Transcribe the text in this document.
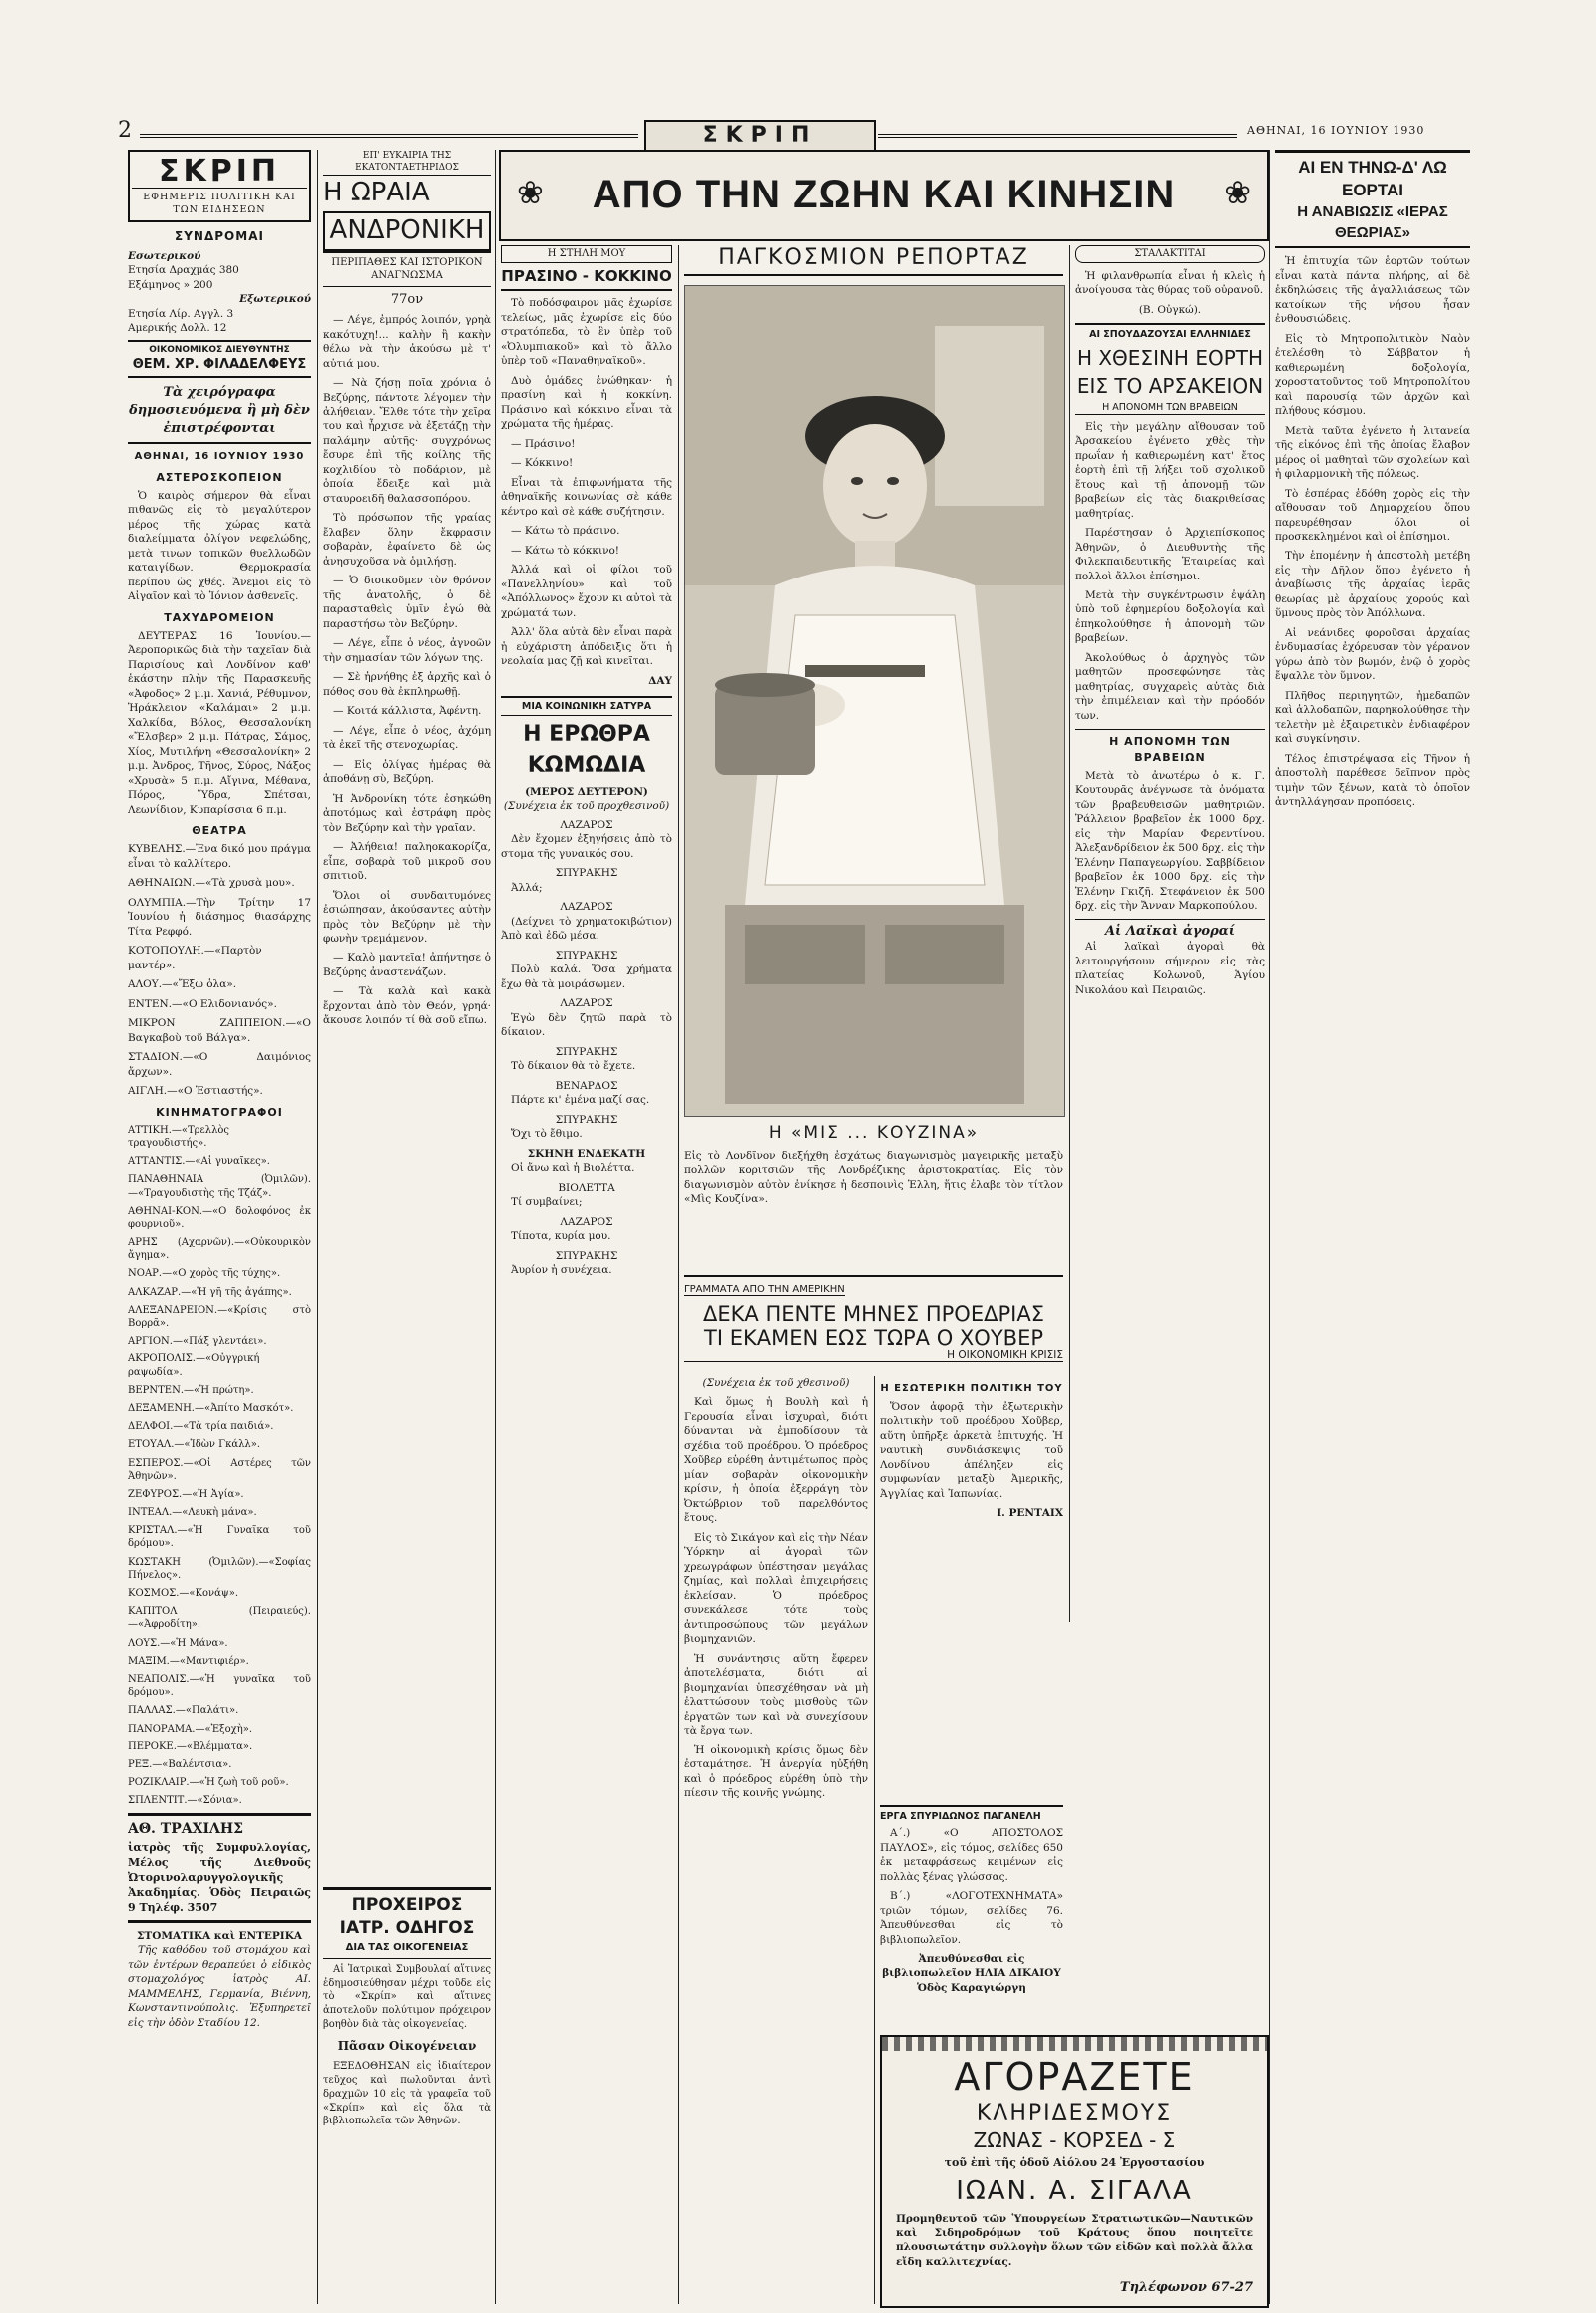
2	ΣΚΡΙΠ	ΑΘΗΝΑΙ, 16 ΙΟΥΝΙΟΥ 1930
ΣΚΡΙΠ
ΕΦΗΜΕΡΙΣ ΠΟΛΙΤΙΚΗ ΚΑΙ ΤΩΝ ΕΙΔΗΣΕΩΝ
ΣΥΝΔΡΟΜΑΙ
Εσωτερικού
Ετησία Δραχμάς 380
Εξάμηνος » 200
Εξωτερικού
Ετησία Λίρ. Αγγλ. 3
Αμερικής Δολλ. 12
ΟΙΚΟΝΟΜΙΚΟΣ ΔΙΕΥΘΥΝΤΗΣ
ΘΕΜ. ΧΡ. ΦΙΛΑΔΕΛΦΕΥΣ
Τὰ χειρόγραφα δημοσιευόμενα ἢ μὴ δὲν ἐπιστρέφονται
ΑΘΗΝΑΙ, 16 ΙΟΥΝΙΟΥ 1930
ΑΣΤΕΡΟΣΚΟΠΕΙΟΝ

Ὁ καιρὸς σήμερον θὰ εἶναι πιθανῶς εἰς τὸ μεγαλύτερον μέρος τῆς χώρας κατὰ διαλείμματα ὀλίγον νεφελώδης, μετὰ τινων τοπικῶν θυελλωδῶν καταιγίδων. Θερμοκρασία περίπου ὡς χθές. Ἄνεμοι εἰς τὸ Αἰγαῖον καὶ τὸ Ἰόνιον ἀσθενεῖς.

ΤΑΧΥΔΡΟΜΕΙΟΝ

ΔΕΥΤΕΡΑΣ 16 Ἰουνίου.—Ἀεροπορικῶς διὰ τὴν ταχεῖαν διὰ Παρισίους καὶ Λονδίνον καθ' ἑκάστην πλὴν τῆς Παρασκευῆς «Ἀφοδος» 2 μ.μ. Χανιά, Ρέθυμνον, Ἡράκλειον «Καλάμαι» 2 μ.μ. Χαλκίδα, Βόλος, Θεσσαλονίκη «Ἔλσβερ» 2 μ.μ. Πάτρας, Σάμος, Χίος, Μυτιλήνη «Θεσσαλονίκη» 2 μ.μ. Ἀνδρος, Τῆνος, Σύρος, Νάξος «Χρυσὰ» 5 π.μ. Αἴγινα, Μέθανα, Πόρος, Ὕδρα, Σπέτσαι, Λεωνίδιον, Κυπαρίσσια 6 π.μ.

ΘΕΑΤΡΑ

ΚΥΒΕΛΗΣ.—Ἐνα δικό μου πράγμα εἶναι τὸ καλλίτερο.

ΑΘΗΝΑΙΩΝ.—«Τὰ χρυσὰ μου».

ΟΛΥΜΠΙΑ.—Τὴν Τρίτην 17 Ἰουνίου ἡ διάσημος θιασάρχης Τίτα Ρεφφό.

ΚΟΤΟΠΟΥΛΗ.—«Παρτὸν μαντέρ».

ΑΛΟΥ.—«Ἔξω ὁλα».

ΕΝΤΕΝ.—«Ο Ελιδονιανός».

ΜΙΚΡΟΝ ΖΑΠΠΕΙΟΝ.—«Ο Βαγκαβοὺ τοῦ Βάλγα».

ΣΤΑΔΙΟΝ.—«Ο Δαιμόνιος ἄρχων».

ΑΙΓΛΗ.—«Ο Ἑστιαστής».

ΚΙΝΗΜΑΤΟΓΡΑΦΟΙ

ΑΤΤΙΚΗ.—«Τρελλὸς τραγουδιστής».

ΑΤΤΑΝΤΙΣ.—«Αἱ γυναῖκες».

ΠΑΝΑΘΗΝΑΙΑ (Ὀμιλῶν).—«Τραγουδιστὴς τῆς Τζάζ».

ΑΘΗΝΑΙ-ΚΟΝ.—«Ο δολοφόνος ἐκ φουρνιοῦ».

ΑΡΗΣ (Αχαρνῶν).—«Οὐκουρικὸν ἄγημα».

ΝΟΑΡ.—«Ο χορὸς τῆς τύχης».

ΑΛΚΑΖΑΡ.—«Ἡ γῆ τῆς ἀγάπης».

ΑΛΕΞΑΝΔΡΕΙΟΝ.—«Κρίσις στὸ Βορρᾶ».

ΑΡΓΙΟΝ.—«Πάξ γλεντάει».

ΑΚΡΟΠΟΛΙΣ.—«Οὐγγρική ραψωδία».

ΒΕΡΝΤΕΝ.—«Ἡ πρώτη».

ΔΕΞΑΜΕΝΗ.—«Ἀπίτο Μασκότ».

ΔΕΛΦΟΙ.—«Τὰ τρία παιδιά».

ΕΤΟΥΑΛ.—«Ἰδὼν Γκάλλ».

ΕΣΠΕΡΟΣ.—«Οἱ Αστέρες τῶν Ἀθηνῶν».

ΖΕΦΥΡΟΣ.—«Ἡ Ἀγία».

ΙΝΤΕΑΛ.—«Λευκὴ μάνα».

ΚΡΙΣΤΑΛ.—«Ἡ Γυναῖκα τοῦ δρόμου».

ΚΩΣΤΑΚΗ (Ὀμιλῶν).—«Σοφίας Πήνελος».

ΚΟΣΜΟΣ.—«Κονάψ».

ΚΑΠΙΤΟΛ (Πειραιεύς).—«Ἀφροδίτη».

ΛΟΥΣ.—«Ἡ Μάνα».

ΜΑΞΙΜ.—«Μαντιφιέρ».

ΝΕΑΠΟΛΙΣ.—«Ἡ γυναῖκα τοῦ δρόμου».

ΠΑΛΛΑΣ.—«Παλάτι».

ΠΑΝΟΡΑΜΑ.—«Ἐξοχὴ».

ΠΕΡΟΚΕ.—«Βλέμματα».

ΡΕΞ.—«Βαλέντσια».

ΡΟΖΙΚΛΑΙΡ.—«Ἡ ζωὴ τοῦ ροῦ».

ΣΠΛΕΝΤΙΤ.—«Σόνια».

ΑΘ. ΤΡΑΧΙΛΗΣ
ἰατρὸς τῆς Συμφυλλογίας, Μέλος τῆς Διεθνοῦς Ὠτορινολαρυγγολογικῆς Ἀκαδημίας. Ὁδὸς Πειραιῶς 9 Τηλέφ. 3507
ΣΤΟΜΑΤΙΚΑ καὶ ΕΝΤΕΡΙΚΑ

Τῆς καθόδου τοῦ στομάχου καὶ τῶν ἐντέρων θεραπεύει ὁ εἰδικὸς στομαχολόγος ἰατρὸς ΑΙ. ΜΑΜΜΕΛΗΣ, Γερμανία, Βιέννη, Κωνσταντινούπολις. Ἐξυπηρετεῖ εἰς τὴν ὁδὸν Σταδίου 12.

ΕΠ' ΕΥΚΑΙΡΙΑ ΤΗΣ ΕΚΑΤΟΝΤΑΕΤΗΡΙΔΟΣ
Η ΩΡΑΙΑ
ΑΝΔΡΟΝΙΚΗ
ΠΕΡΙΠΑΘΕΣ ΚΑΙ ΙΣΤΟΡΙΚΟΝ ΑΝΑΓΝΩΣΜΑ
77ον

— Λέγε, ἐμπρός λοιπόν, γρηὰ κακότυχη!... καλὴν ἢ κακὴν θέλω νὰ τὴν ἀκούσω μὲ τ' αὐτιά μου.

— Νὰ ζήσῃ ποῖα χρόνια ὁ Βεζύρης, πάντοτε λέγομεν τὴν ἀλήθειαν. Ἔλθε τότε τὴν χεῖρα του καὶ ἦρχισε νὰ ἐξετάζῃ τὴν παλάμην αὐτῆς· συγχρόνως ἔσυρε ἐπὶ τῆς κοίλης τῆς κοχλιδίου τὸ ποδάριον, μὲ ὁποία ἔδειξε καὶ μιὰ σταυροειδῆ θαλασσοπόρου.

Τὸ πρόσωπον τῆς γραίας ἔλαβεν ὅλην ἔκφρασιν σοβαρὰν, ἐφαίνετο δὲ ὡς ἀνησυχοῦσα νὰ ὁμιλήσῃ.

— Ὁ διοικοῦμεν τὸν θρόνον τῆς ἀνατολῆς, ὁ δὲ παρασταθεὶς ὑμῖν ἐγώ θὰ παραστήσω τὸν Βεζύρην.

— Λέγε, εἶπε ὁ νέος, ἀγνοῶν τὴν σημασίαν τῶν λόγων της.

— Σὲ ἠρνήθης ἐξ ἀρχῆς καὶ ὁ πόθος σου θὰ ἐκπληρωθῇ.

— Κοιτά κάλλιστα, Ἀφέντη.

— Λέγε, εἶπε ὁ νέος, ἀχόμη τὰ ἐκεῖ τῆς στενοχωρίας.

— Εἰς ὀλίγας ἡμέρας θὰ ἀποθάνῃ σὺ, Βεζύρη.

Ἡ Ἀνδρονίκη τότε ἐσηκώθη ἀποτόμως καὶ ἐστράφη πρὸς τὸν Βεζύρην καὶ τὴν γραῖαν.

— Ἀλήθεια! παληοκακορίζα, εἶπε, σοβαρὰ τοῦ μικροῦ σου σπιτιοῦ.

Ὅλοι οἱ συνδαιτυμόνες ἐσιώπησαν, ἀκούσαντες αὐτὴν πρὸς τὸν Βεζύρην μὲ τὴν φωνὴν τρεμάμενον.

— Καλὸ μαντεῖα! ἀπήντησε ὁ Βεζύρης ἀναστενάζων.

— Τὰ καλὰ καὶ κακὰ ἔρχονται ἀπὸ τὸν Θεόν, γρηά· ἄκουσε λοιπόν τί θὰ σοῦ εἴπω.

ΠΡΟΧΕΙΡΟΣ
ΙΑΤΡ. ΟΔΗΓΟΣ
ΔΙΑ ΤΑΣ ΟΙΚΟΓΕΝΕΙΑΣ
Αἱ Ἰατρικαὶ Συμβουλαί αἵτινες ἐδημοσιεύθησαν μέχρι τοῦδε εἰς τὸ «Σκρίπ» καὶ αἵτινες ἀποτελοῦν πολύτιμον πρόχειρον βοηθὸν διὰ τὰς οἰκογενείας.
Πᾶσαν Οἰκογένειαν
ΕΞΕΔΟΘΗΣΑΝ εἰς ἰδιαίτερον τεῦχος καὶ πωλοῦνται ἀντὶ δραχμῶν 10 εἰς τὰ γραφεῖα τοῦ «Σκρίπ» καὶ εἰς ὅλα τὰ βιβλιοπωλεῖα τῶν Ἀθηνῶν.
❀	ΑΠΟ ΤΗΝ ΖΩΗΝ ΚΑΙ ΚΙΝΗΣΙΝ	❀
Η ΣΤΗΛΗ ΜΟΥ
ΠΡΑΣΙΝΟ - ΚΟΚΚΙΝΟ

Τὸ ποδόσφαιρον μᾶς ἐχωρίσε τελείως, μᾶς ἐχωρίσε εἰς δύο στρατόπεδα, τὸ ἓν ὑπὲρ τοῦ «Ὀλυμπιακοῦ» καὶ τὸ ἄλλο ὑπὲρ τοῦ «Παναθηναϊκοῦ».

Δυὸ ὁμάδες ἐνώθηκαν· ἡ πρασίνη καὶ ἡ κοκκίνη. Πράσινο καὶ κόκκινο εἶναι τὰ χρώματα τῆς ἡμέρας.

— Πράσινο!

— Κόκκινο!

Εἶναι τὰ ἐπιφωνήματα τῆς ἀθηναϊκῆς κοινωνίας σὲ κάθε κέντρο καὶ σὲ κάθε συζήτησιν.

— Κάτω τὸ πράσινο.

— Κάτω τὸ κόκκινο!

Ἀλλά καὶ οἱ φίλοι τοῦ «Πανελληνίου» καὶ τοῦ «Ἀπόλλωνος» ἔχουν κι αὐτοὶ τὰ χρώματά των.

Ἀλλ' ὅλα αὐτὰ δὲν εἶναι παρὰ ἡ εὐχάριστη ἀπόδειξις ὅτι ἡ νεολαία μας ζῇ καὶ κινεῖται.

ΔΑΥ
ΜΙΑ ΚΟΙΝΩΝΙΚΗ ΣΑΤΥΡΑ
Η ΕΡΩΘΡΑ ΚΩΜΩΔΙΑ
(ΜΕΡΟΣ ΔΕΥΤΕΡΟΝ)
(Συνέχεια ἐκ τοῦ προχθεσινοῦ)
ΛΑΖΑΡΟΣ

Δὲν ἔχομεν ἐξηγήσεις ἀπὸ τὸ στομα τῆς γυναικός σου.

ΣΠΥΡΑΚΗΣ

Ἀλλά;

ΛΑΖΑΡΟΣ

(Δείχνει τὸ χρηματοκιβώτιον) Ἀπὸ καὶ ἐδῶ μέσα.

ΣΠΥΡΑΚΗΣ

Πολὺ καλά. Ὅσα χρήματα ἔχω θὰ τὰ μοιράσωμεν.

ΛΑΖΑΡΟΣ

Ἐγὼ δὲν ζητῶ παρὰ τὸ δίκαιον.

ΣΠΥΡΑΚΗΣ

Τὸ δίκαιον θὰ τὸ ἔχετε.

ΒΕΝΑΡΔΟΣ

Πάρτε κι' ἐμένα μαζί σας.

ΣΠΥΡΑΚΗΣ

Ὄχι τὸ ἔθιμο.

ΣΚΗΝΗ ΕΝΔΕΚΑΤΗ

Οἱ ἄνω καὶ ἡ Βιολέττα.

ΒΙΟΛΕΤΤΑ

Τί συμβαίνει;

ΛΑΖΑΡΟΣ

Τίποτα, κυρία μου.

ΣΠΥΡΑΚΗΣ

Ἀυρίον ἡ συνέχεια.

ΠΑΓΚΟΣΜΙΟΝ ΡΕΠΟΡΤΑΖ
Η «ΜΙΣ ... ΚΟΥΖΙΝΑ»
Εἰς τὸ Λονδῖνον διεξήχθη ἐσχάτως διαγωνισμὸς μαγειρικῆς μεταξὺ πολλῶν κοριτσιῶν τῆς Λονδρέζικης ἀριστοκρατίας. Εἰς τὸν διαγωνισμὸν αὐτὸν ἐνίκησε ἡ δεσποινὶς Ἑλλη, ἥτις ἐλαβε τὸν τίτλον «Μὶς Κουζίνα».
ΓΡΑΜΜΑΤΑ ΑΠΟ ΤΗΝ ΑΜΕΡΙΚΗΝ
ΔΕΚΑ ΠΕΝΤΕ ΜΗΝΕΣ ΠΡΟΕΔΡΙΑΣ
ΤΙ ΕΚΑΜΕΝ ΕΩΣ ΤΩΡΑ Ο ΧΟΥΒΕΡ
Η ΟΙΚΟΝΟΜΙΚΗ ΚΡΙΣΙΣ

(Συνέχεια ἐκ τοῦ χθεσινοῦ)

Καὶ ὅμως ἡ Βουλὴ καὶ ἡ Γερουσία εἶναι ἰσχυραὶ, διότι δύνανται νὰ ἐμποδίσουν τὰ σχέδια τοῦ προέδρου. Ὁ πρόεδρος Χοῦβερ εὑρέθη ἀντιμέτωπος πρὸς μίαν σοβαρὰν οἰκονομικὴν κρίσιν, ἡ ὁποία ἐξερράγη τὸν Ὀκτώβριον τοῦ παρελθόντος ἔτους.

Εἰς τὸ Σικάγον καὶ εἰς τὴν Νέαν Ὑόρκην αἱ ἀγοραὶ τῶν χρεωγράφων ὑπέστησαν μεγάλας ζημίας, καὶ πολλαὶ ἐπιχειρήσεις ἐκλείσαν. Ὁ πρόεδρος συνεκάλεσε τότε τοὺς ἀντιπροσώπους τῶν μεγάλων βιομηχανιῶν.

Ἡ συνάντησις αὕτη ἔφερεν ἀποτελέσματα, διότι αἱ βιομηχανίαι ὑπεσχέθησαν νὰ μὴ ἐλαττώσουν τοὺς μισθοὺς τῶν ἐργατῶν των καὶ νὰ συνεχίσουν τὰ ἔργα των.

Ἡ οἰκονομικὴ κρίσις ὅμως δὲν ἐσταμάτησε. Ἡ ἀνεργία ηὐξήθη καὶ ὁ πρόεδρος εὑρέθη ὑπὸ τὴν πίεσιν τῆς κοινῆς γνώμης.

Η ΕΣΩΤΕΡΙΚΗ ΠΟΛΙΤΙΚΗ ΤΟΥ

Ὅσον ἀφορᾷ τὴν ἐξωτερικὴν πολιτικὴν τοῦ προέδρου Χοῦβερ, αὕτη ὑπῆρξε ἀρκετὰ ἐπιτυχής. Ἡ ναυτικὴ συνδιάσκεψις τοῦ Λονδίνου ἀπέληξεν εἰς συμφωνίαν μεταξὺ Ἀμερικῆς, Ἀγγλίας καὶ Ἰαπωνίας.

Ι. ΡΕΝΤΑΙΧ
ΕΡΓΑ ΣΠΥΡΙΔΩΝΟΣ ΠΑΓΑΝΕΛΗ

Α΄.) «Ο ΑΠΟΣΤΟΛΟΣ ΠΑΥΛΟΣ», εἰς τόμος, σελίδες 650 ἐκ μεταφράσεως κειμένων εἰς πολλὰς ξένας γλώσσας.

Β΄.) «ΛΟΓΟΤΕΧΝΗΜΑΤΑ» τριῶν τόμων, σελίδες 76. Ἀπευθύνεσθαι εἰς τὸ βιβλιοπωλεῖον.

Ἀπευθύνεσθαι εἰς βιβλιοπωλεῖον ΗΛΙΑ ΔΙΚΑΙΟΥ Ὁδὸς Καραγιώργη
ΣΤΑΛΑΚΤΙΤΑΙ

Ἡ φιλανθρωπία εἶναι ἡ κλεὶς ἡ ἀνοίγουσα τὰς θύρας τοῦ οὐρανοῦ.

(Β. Οὐγκώ).
ΑΙ ΣΠΟΥΔΑΖΟΥΣΑΙ ΕΛΛΗΝΙΔΕΣ
Η ΧΘΕΣΙΝΗ ΕΟΡΤΗ
ΕΙΣ ΤΟ ΑΡΣΑΚΕΙΟΝ
Η ΑΠΟΝΟΜΗ ΤΩΝ ΒΡΑΒΕΙΩΝ

Εἰς τὴν μεγάλην αἴθουσαν τοῦ Ἀρσακείου ἐγένετο χθὲς τὴν πρωΐαν ἡ καθιερωμένη κατ' ἔτος ἑορτὴ ἐπὶ τῇ λήξει τοῦ σχολικοῦ ἔτους καὶ τῇ ἀπονομῇ τῶν βραβείων εἰς τὰς διακριθείσας μαθητρίας.

Παρέστησαν ὁ Ἀρχιεπίσκοπος Ἀθηνῶν, ὁ Διευθυντὴς τῆς Φιλεκπαιδευτικῆς Ἑταιρείας καὶ πολλοὶ ἄλλοι ἐπίσημοι.

Μετὰ τὴν συγκέντρωσιν ἐψάλη ὑπὸ τοῦ ἐφημερίου δοξολογία καὶ ἐπηκολούθησε ἡ ἀπονομὴ τῶν βραβείων.

Ἀκολούθως ὁ ἀρχηγὸς τῶν μαθητῶν προσεφώνησε τὰς μαθητρίας, συγχαρεὶς αὐτὰς διὰ τὴν ἐπιμέλειαν καὶ τὴν πρόοδόν των.

Η ΑΠΟΝΟΜΗ ΤΩΝ ΒΡΑΒΕΙΩΝ

Μετὰ τὸ ἀνωτέρω ὁ κ. Γ. Κουτουρᾶς ἀνέγνωσε τὰ ὀνόματα τῶν βραβευθεισῶν μαθητριῶν. Ῥάλλειον βραβεῖον ἐκ 1000 δρχ. εἰς τὴν Μαρίαν Φερεντίνου. Ἀλεξανδρίδειον ἐκ 500 δρχ. εἰς τὴν Ἑλένην Παπαγεωργίου. Σαββίδειον βραβεῖον ἐκ 1000 δρχ. εἰς τὴν Ἑλένην Γκιζῆ. Στεφάνειον ἐκ 500 δρχ. εἰς τὴν Ἄνναν Μαρκοπούλου.

Αἱ Λαϊκαὶ ἀγοραί

Αἱ λαϊκαὶ ἀγοραὶ θὰ λειτουργήσουν σήμερον εἰς τὰς πλατείας Κολωνοῦ, Ἁγίου Νικολάου καὶ Πειραιῶς.

ΑΓΟΡΑΖΕΤΕ
ΚΛΗΡΙΔΕΣΜΟΥΣ
ΖΩΝΑΣ - ΚΟΡΣΕΔ - Σ
τοῦ ἐπὶ τῆς ὁδοῦ Αἰόλου 24 Ἐργοστασίου
ΙΩΑΝ. Α. ΣΙΓΑΛΑ
Προμηθευτοῦ τῶν Ὑπουργείων Στρατιωτικῶν—Ναυτικῶν καὶ Σιδηροδρόμων τοῦ Κράτους ὅπου ποιητεῖτε πλουσιωτάτην συλλογὴν ὅλων τῶν εἰδῶν καὶ πολλὰ ἄλλα εἴδη καλλιτεχνίας.
Τηλέφωνον 67-27
ΑΙ ΕΝ ΤΗΝΩ-Δ' ΛΩ ΕΟΡΤΑΙ
Η ΑΝΑΒΙΩΣΙΣ «ΙΕΡΑΣ ΘΕΩΡΙΑΣ»

Ἡ ἐπιτυχία τῶν ἑορτῶν τούτων εἶναι κατὰ πάντα πλήρης, αἱ δὲ ἐκδηλώσεις τῆς ἀγαλλιάσεως τῶν κατοίκων τῆς νήσου ἦσαν ἐνθουσιώδεις.

Εἰς τὸ Μητροπολιτικὸν Ναὸν ἐτελέσθη τὸ Σάββατον ἡ καθιερωμένη δοξολογία, χοροστατοῦντος τοῦ Μητροπολίτου καὶ παρουσίᾳ τῶν ἀρχῶν καὶ πλήθους κόσμου.

Μετὰ ταῦτα ἐγένετο ἡ λιτανεία τῆς εἰκόνος ἐπὶ τῆς ὁποίας ἔλαβον μέρος οἱ μαθηταὶ τῶν σχολείων καὶ ἡ φιλαρμονικὴ τῆς πόλεως.

Τὸ ἑσπέρας ἐδόθη χορὸς εἰς τὴν αἴθουσαν τοῦ Δημαρχείου ὅπου παρευρέθησαν ὅλοι οἱ προσκεκλημένοι καὶ οἱ ἐπίσημοι.

Τὴν ἑπομένην ἡ ἀποστολὴ μετέβη εἰς τὴν Δῆλον ὅπου ἐγένετο ἡ ἀναβίωσις τῆς ἀρχαίας ἱερᾶς θεωρίας μὲ ἀρχαίους χορούς καὶ ὕμνους πρὸς τὸν Ἀπόλλωνα.

Αἱ νεάνιδες φοροῦσαι ἀρχαίας ἐνδυμασίας ἐχόρευσαν τὸν γέρανον γύρω ἀπὸ τὸν βωμόν, ἐνῷ ὁ χορὸς ἔψαλλε τὸν ὕμνον.

Πλῆθος περιηγητῶν, ἡμεδαπῶν καὶ ἀλλοδαπῶν, παρηκολούθησε τὴν τελετὴν μὲ ἐξαιρετικὸν ἐνδιαφέρον καὶ συγκίνησιν.

Τέλος ἐπιστρέψασα εἰς Τῆνον ἡ ἀποστολὴ παρέθεσε δεῖπνον πρὸς τιμὴν τῶν ξένων, κατὰ τὸ ὁποῖον ἀντηλλάγησαν προπόσεις.
